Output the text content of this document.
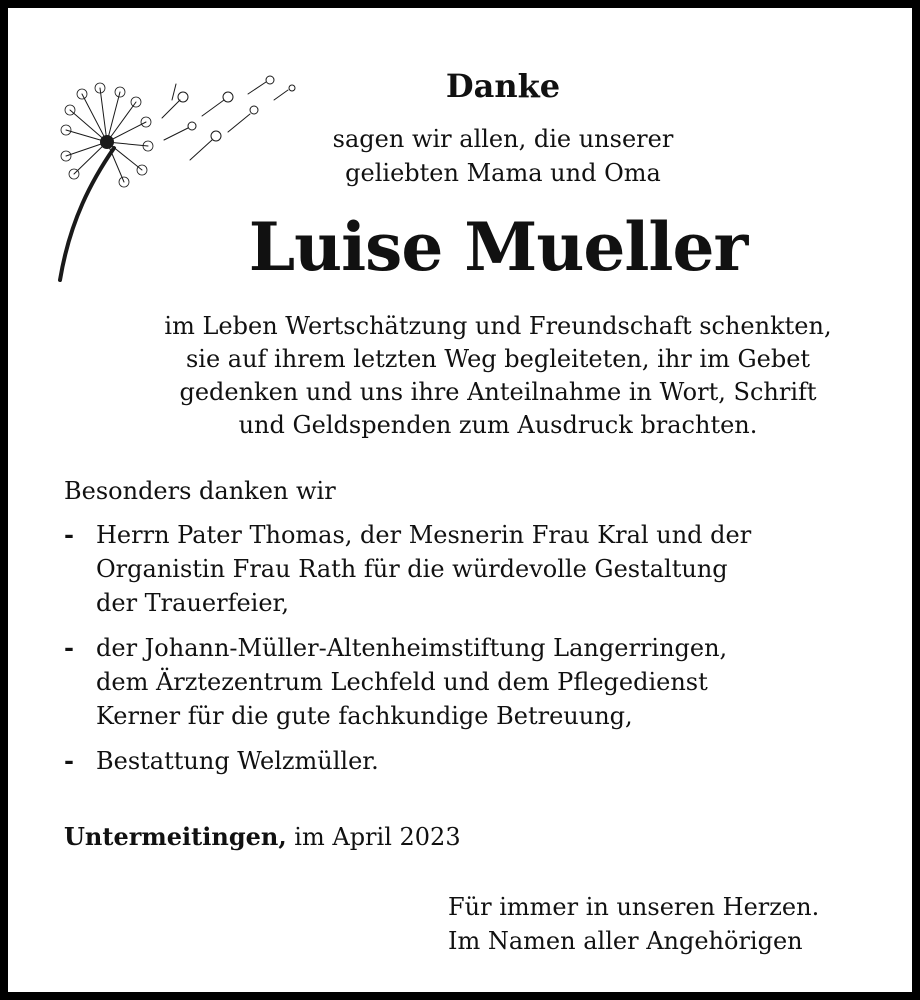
Danke

sagen wir allen, die unserer
geliebten Mama und Oma

Luise Mueller

im Leben Wertschätzung und Freundschaft schenkten,
sie auf ihrem letzten Weg begleiteten, ihr im Gebet
gedenken und uns ihre Anteilnahme in Wort, Schrift
und Geldspenden zum Ausdruck brachten.

Besonders danken wir

- Herrn Pater Thomas, der Mesnerin Frau Kral und der
Organistin Frau Rath für die würdevolle Gestaltung
der Trauerfeier,
- der Johann-Müller-Altenheimstiftung Langerringen,
dem Ärztezentrum Lechfeld und dem Pflegedienst
Kerner für die gute fachkundige Betreuung,
- Bestattung Welzmüller.

Untermeitingen, im April 2023

Für immer in unseren Herzen.
Im Namen aller Angehörigen
